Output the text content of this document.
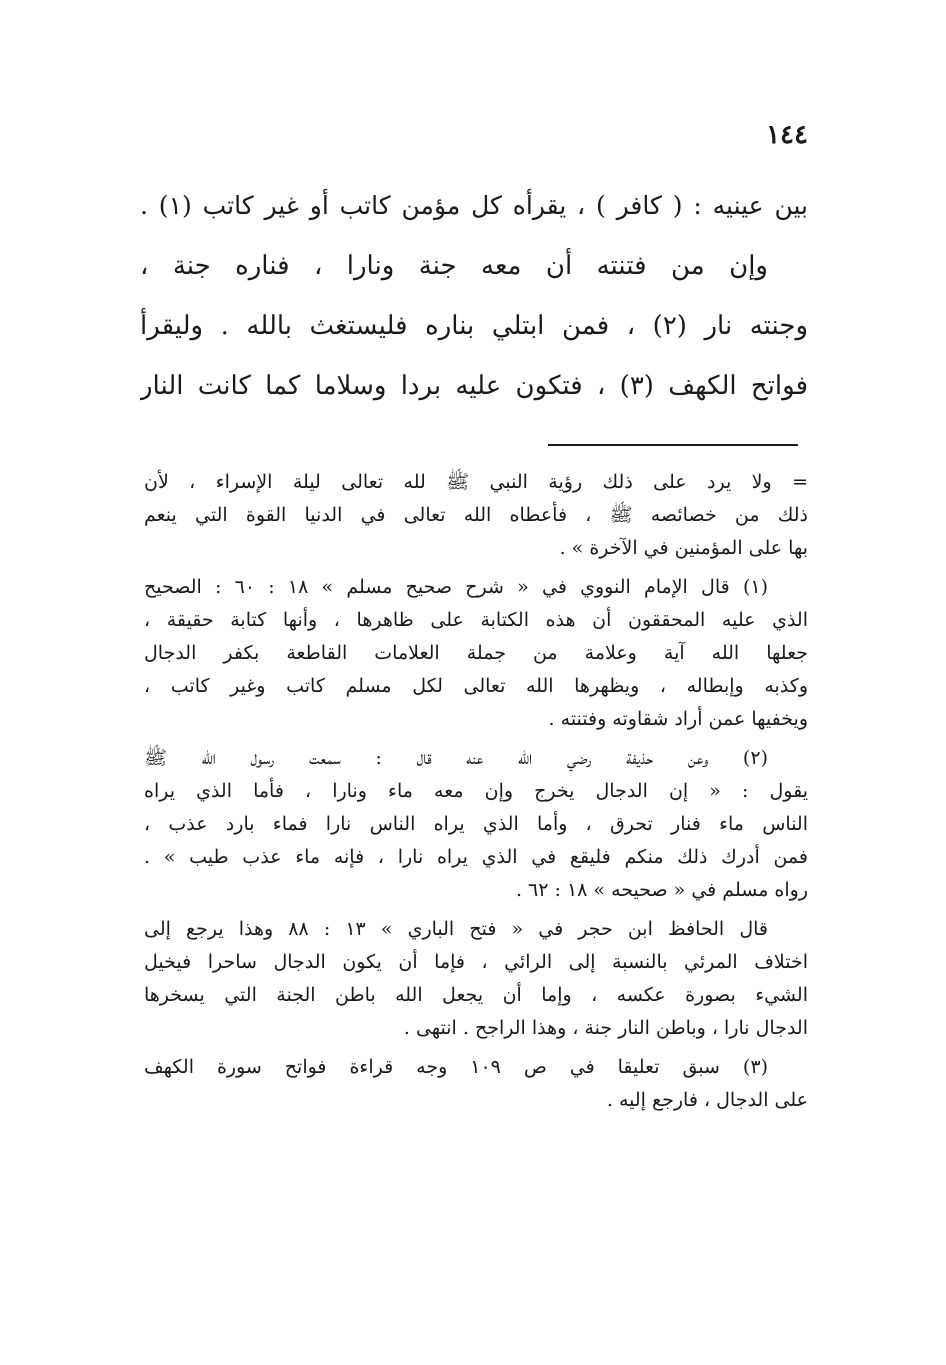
١٤٤
بين عينيه : ( كافر ) ، يقرأه كل مؤمن كاتب أو غير كاتب (١) .
وإن من فتنته أن معه جنة ونارا ، فناره جنة ،
وجنته نار (٢) ، فمن ابتلي بناره فليستغث بالله . وليقرأ
فواتح الكهف (٣) ، فتكون عليه بردا وسلاما كما كانت النار
= ولا يرد على ذلك رؤية النبي ﷺ لله تعالى ليلة الإسراء ، لأن
ذلك من خصائصه ﷺ ، فأعطاه الله تعالى في الدنيا القوة التي ينعم
بها على المؤمنين في الآخرة » .
(١) قال الإمام النووي في « شرح صحيح مسلم » ١٨ : ٦٠ : الصحيح
الذي عليه المحققون أن هذه الكتابة على ظاهرها ، وأنها كتابة حقيقة ،
جعلها الله آية وعلامة من جملة العلامات القاطعة بكفر الدجال
وكذبه وإبطاله ، ويظهرها الله تعالى لكل مسلم كاتب وغير كاتب ،
ويخفيها عمن أراد شقاوته وفتنته .
(٢) وعن حذيفة رضي الله عنه قال : سمعت رسول الله ﷺ
يقول : « إن الدجال يخرج وإن معه ماء ونارا ، فأما الذي يراه
الناس ماء فنار تحرق ، وأما الذي يراه الناس نارا فماء بارد عذب ،
فمن أدرك ذلك منكم فليقع في الذي يراه نارا ، فإنه ماء عذب طيب » .
رواه مسلم في « صحيحه » ١٨ : ٦٢ .
قال الحافظ ابن حجر في « فتح الباري » ١٣ : ٨٨ وهذا يرجع إلى
اختلاف المرئي بالنسبة إلى الرائي ، فإما أن يكون الدجال ساحرا فيخيل
الشيء بصورة عكسه ، وإما أن يجعل الله باطن الجنة التي يسخرها
الدجال نارا ، وباطن النار جنة ، وهذا الراجح . انتهى .
(٣) سبق تعليقا في ص ١٠٩ وجه قراءة فواتح سورة الكهف
على الدجال ، فارجع إليه .
